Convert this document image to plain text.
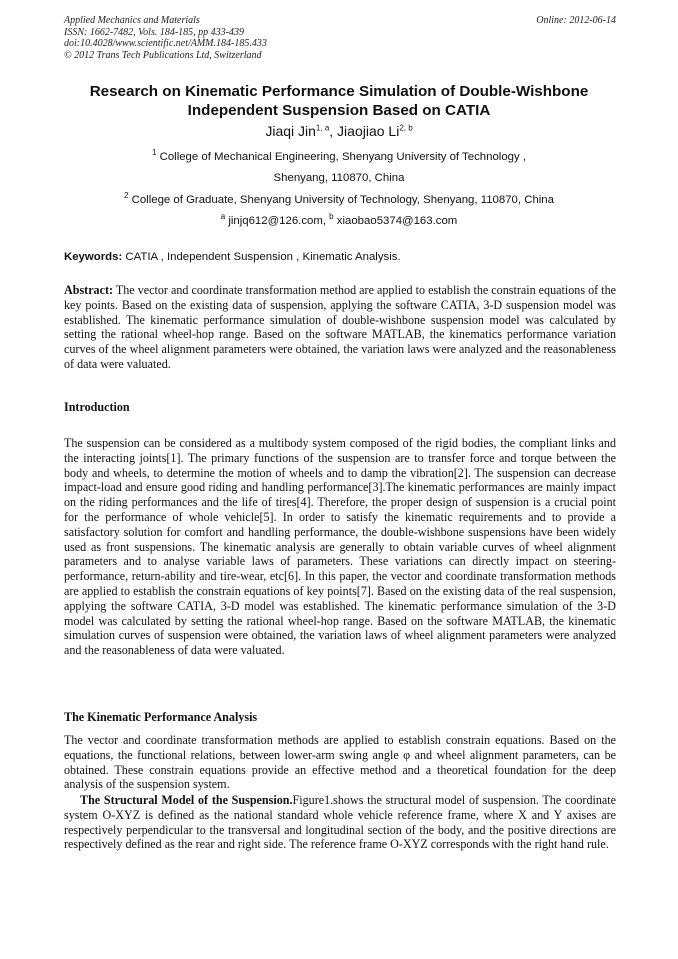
Applied Mechanics and Materials
ISSN: 1662-7482, Vols. 184-185, pp 433-439
doi:10.4028/www.scientific.net/AMM.184-185.433
© 2012 Trans Tech Publications Ltd, Switzerland
Online: 2012-06-14
Research on Kinematic Performance Simulation of Double-Wishbone Independent Suspension Based on CATIA
Jiaqi Jin$^{1, a}$, Jiaojiao Li$^{2, b}$
$^1$ College of Mechanical Engineering, Shenyang University of Technology ,
Shenyang, 110870, China
$^2$ College of Graduate, Shenyang University of Technology, Shenyang, 110870, China
$^a$ jinjq612@126.com, $^b$ xiaobao5374@163.com
Keywords: CATIA , Independent Suspension , Kinematic Analysis.
Abstract: The vector and coordinate transformation method are applied to establish the constrain equations of the key points. Based on the existing data of suspension, applying the software CATIA, 3-D suspension model was established. The kinematic performance simulation of double-wishbone suspension model was calculated by setting the rational wheel-hop range. Based on the software MATLAB, the kinematics performance variation curves of the wheel alignment parameters were obtained, the variation laws were analyzed and the reasonableness of data were valuated.
Introduction
The suspension can be considered as a multibody system composed of the rigid bodies, the compliant links and the interacting joints[1]. The primary functions of the suspension are to transfer force and torque between the body and wheels, to determine the motion of wheels and to damp the vibration[2]. The suspension can decrease impact-load and ensure good riding and handling performance[3].The kinematic performances are mainly impact on the riding performances and the life of tires[4]. Therefore, the proper design of suspension is a crucial point for the performance of whole vehicle[5]. In order to satisfy the kinematic requirements and to provide a satisfactory solution for comfort and handling performance, the double-wishbone suspensions have been widely used as front suspensions. The kinematic analysis are generally to obtain variable curves of wheel alignment parameters and to analyse variable laws of parameters. These variations can directly impact on steering-performance, return-ability and tire-wear, etc[6]. In this paper, the vector and coordinate transformation methods are applied to establish the constrain equations of key points[7]. Based on the existing data of the real suspension, applying the software CATIA, 3-D model was established. The kinematic performance simulation of the 3-D model was calculated by setting the rational wheel-hop range. Based on the software MATLAB, the kinematic simulation curves of suspension were obtained, the variation laws of wheel alignment parameters were analyzed and the reasonableness of data were valuated.
The Kinematic Performance Analysis
The vector and coordinate transformation methods are applied to establish constrain equations. Based on the equations, the functional relations, between lower-arm swing angle φ and wheel alignment parameters, can be obtained. These constrain equations provide an effective method and a theoretical foundation for the deep analysis of the suspension system.
The Structural Model of the Suspension.Figure1.shows the structural model of suspension. The coordinate system O-XYZ is defined as the national standard whole vehicle reference frame, where X and Y axises are respectively perpendicular to the transversal and longitudinal section of the body, and the positive directions are respectively defined as the rear and right side. The reference frame O-XYZ corresponds with the right hand rule.
